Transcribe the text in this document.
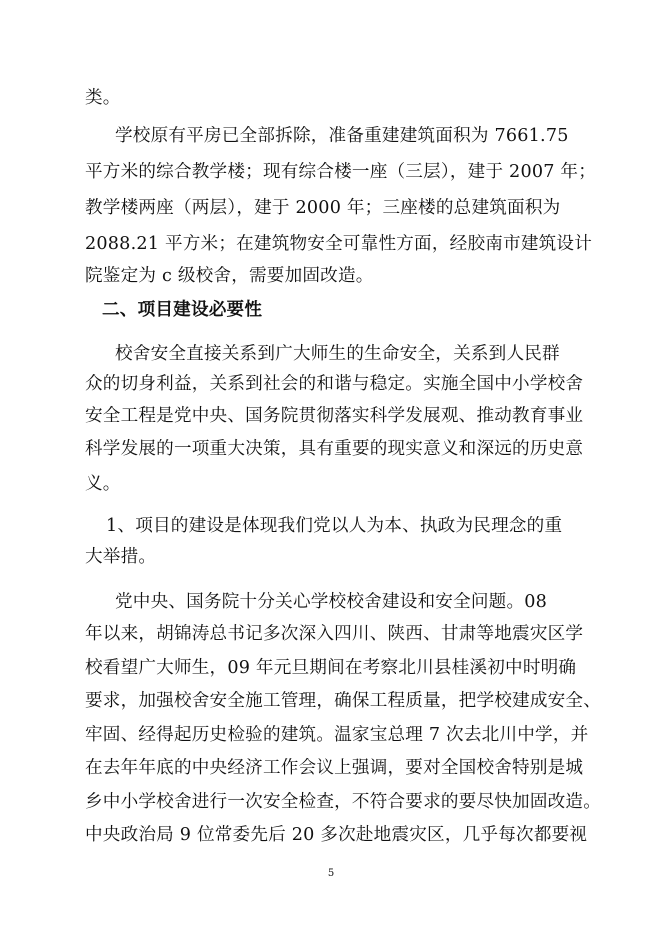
类。
学校原有平房已全部拆除，准备重建建筑面积为 7661.75
平方米的综合教学楼；现有综合楼一座（三层），建于 2007 年；
教学楼两座（两层），建于 2000 年；三座楼的总建筑面积为
2088.21 平方米；在建筑物安全可靠性方面，经胶南市建筑设计
院鉴定为 c 级校舍，需要加固改造。
二、项目建设必要性
校舍安全直接关系到广大师生的生命安全，关系到人民群
众的切身利益，关系到社会的和谐与稳定。实施全国中小学校舍
安全工程是党中央、国务院贯彻落实科学发展观、推动教育事业
科学发展的一项重大决策，具有重要的现实意义和深远的历史意
义。
1、项目的建设是体现我们党以人为本、执政为民理念的重
大举措。
党中央、国务院十分关心学校校舍建设和安全问题。08
年以来，胡锦涛总书记多次深入四川、陕西、甘肃等地震灾区学
校看望广大师生，09 年元旦期间在考察北川县桂溪初中时明确
要求，加强校舍安全施工管理，确保工程质量，把学校建成安全、
牢固、经得起历史检验的建筑。温家宝总理 7 次去北川中学，并
在去年年底的中央经济工作会议上强调，要对全国校舍特别是城
乡中小学校舍进行一次安全检查，不符合要求的要尽快加固改造。
中央政治局 9 位常委先后 20 多次赴地震灾区，几乎每次都要视
5
